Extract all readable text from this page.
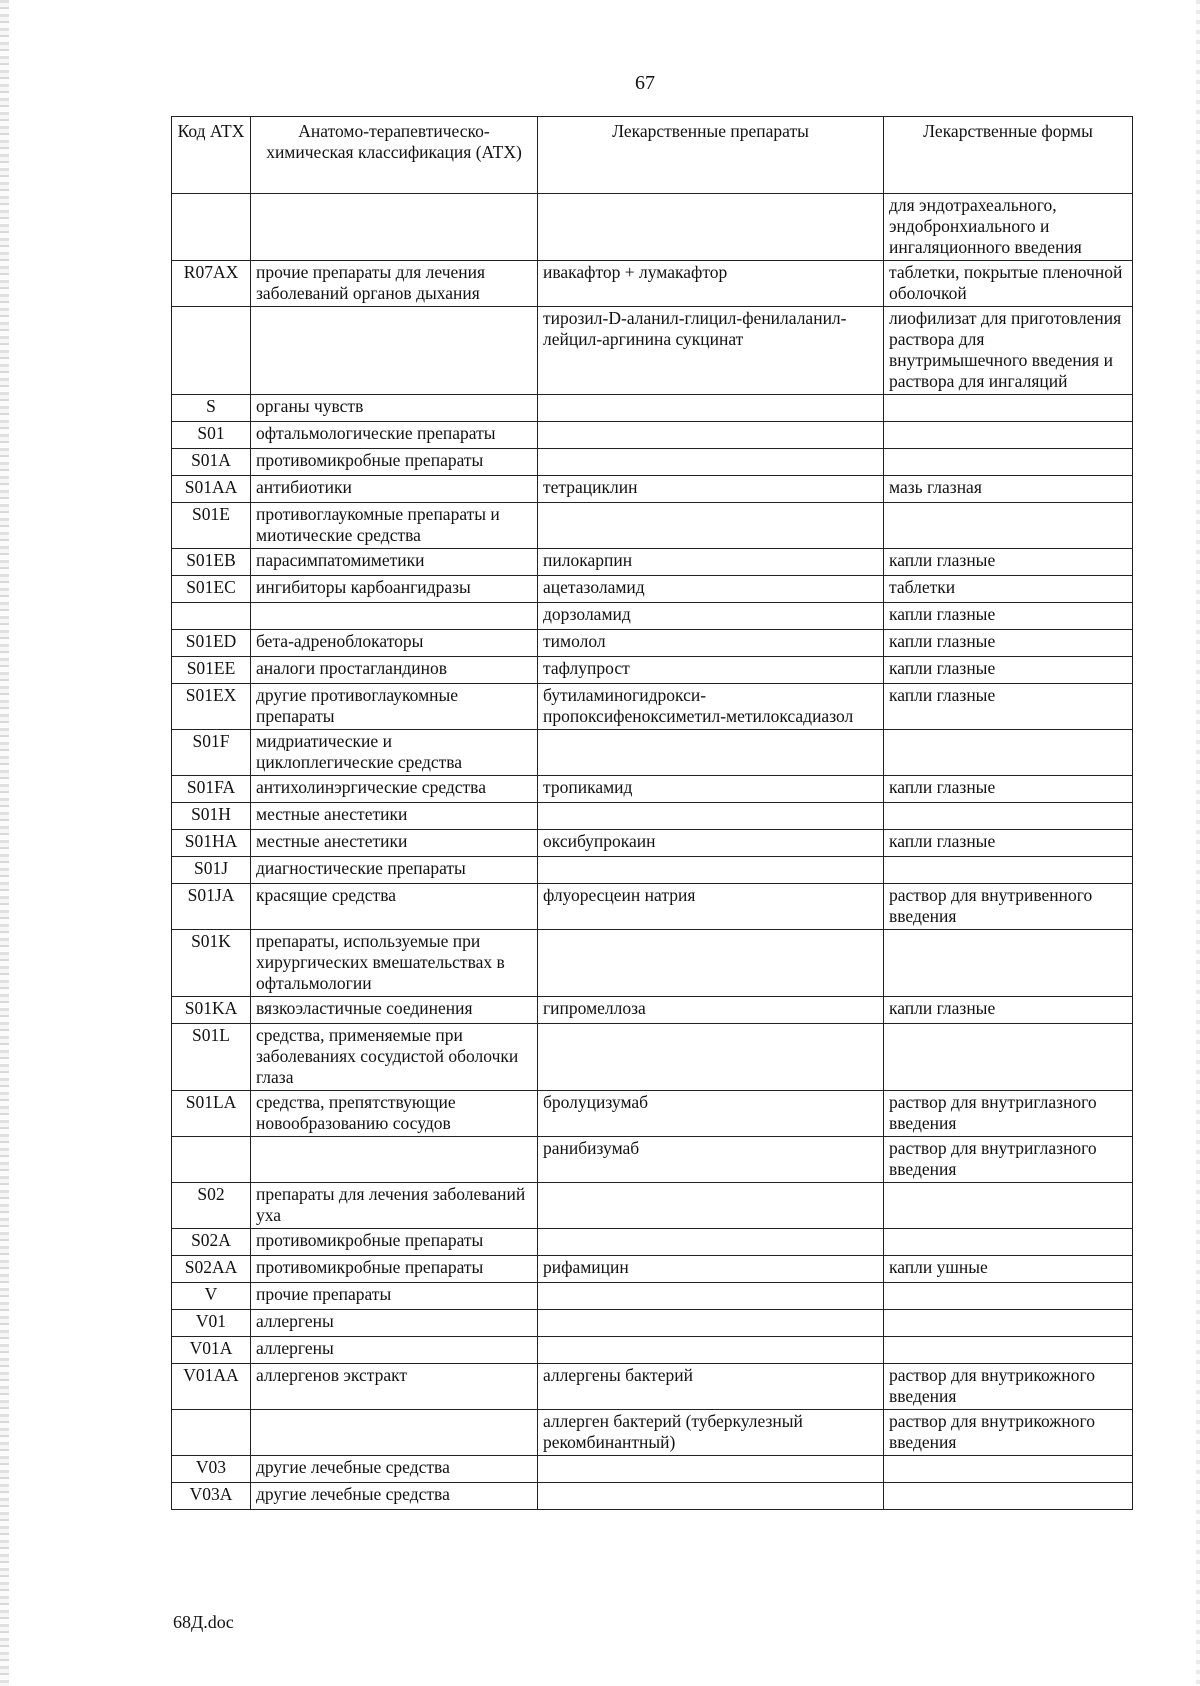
67
Код АТХ	Анатомо-терапевтическо-химическая классификация (АТХ)	Лекарственные препараты	Лекарственные формы
			для эндотрахеального, эндобронхиального и ингаляционного введения
R07AX	прочие препараты для лечения заболеваний органов дыхания	ивакафтор + лумакафтор	таблетки, покрытые пленочной оболочкой
		тирозил-D-аланил-глицил-фенилаланил-лейцил-аргинина сукцинат	лиофилизат для приготовления раствора для внутримышечного введения и раствора для ингаляций
S	органы чувств		
S01	офтальмологические препараты		
S01A	противомикробные препараты		
S01AA	антибиотики	тетрациклин	мазь глазная
S01E	противоглаукомные препараты и миотические средства		
S01EB	парасимпатомиметики	пилокарпин	капли глазные
S01EC	ингибиторы карбоангидразы	ацетазоламид	таблетки
		дорзоламид	капли глазные
S01ED	бета-адреноблокаторы	тимолол	капли глазные
S01EE	аналоги простагландинов	тафлупрост	капли глазные
S01EX	другие противоглаукомные препараты	бутиламиногидрокси-пропоксифеноксиметил-метилоксадиазол	капли глазные
S01F	мидриатические и циклоплегические средства		
S01FA	антихолинэргические средства	тропикамид	капли глазные
S01H	местные анестетики		
S01HA	местные анестетики	оксибупрокаин	капли глазные
S01J	диагностические препараты		
S01JA	красящие средства	флуоресцеин натрия	раствор для внутривенного введения
S01K	препараты, используемые при хирургических вмешательствах в офтальмологии		
S01KA	вязкоэластичные соединения	гипромеллоза	капли глазные
S01L	средства, применяемые при заболеваниях сосудистой оболочки глаза		
S01LA	средства, препятствующие новообразованию сосудов	бролуцизумаб	раствор для внутриглазного введения
		ранибизумаб	раствор для внутриглазного введения
S02	препараты для лечения заболеваний уха		
S02A	противомикробные препараты		
S02AA	противомикробные препараты	рифамицин	капли ушные
V	прочие препараты		
V01	аллергены		
V01A	аллергены		
V01AA	аллергенов экстракт	аллергены бактерий	раствор для внутрикожного введения
		аллерген бактерий (туберкулезный рекомбинантный)	раствор для внутрикожного введения
V03	другие лечебные средства		
V03A	другие лечебные средства		
68Д.doc
